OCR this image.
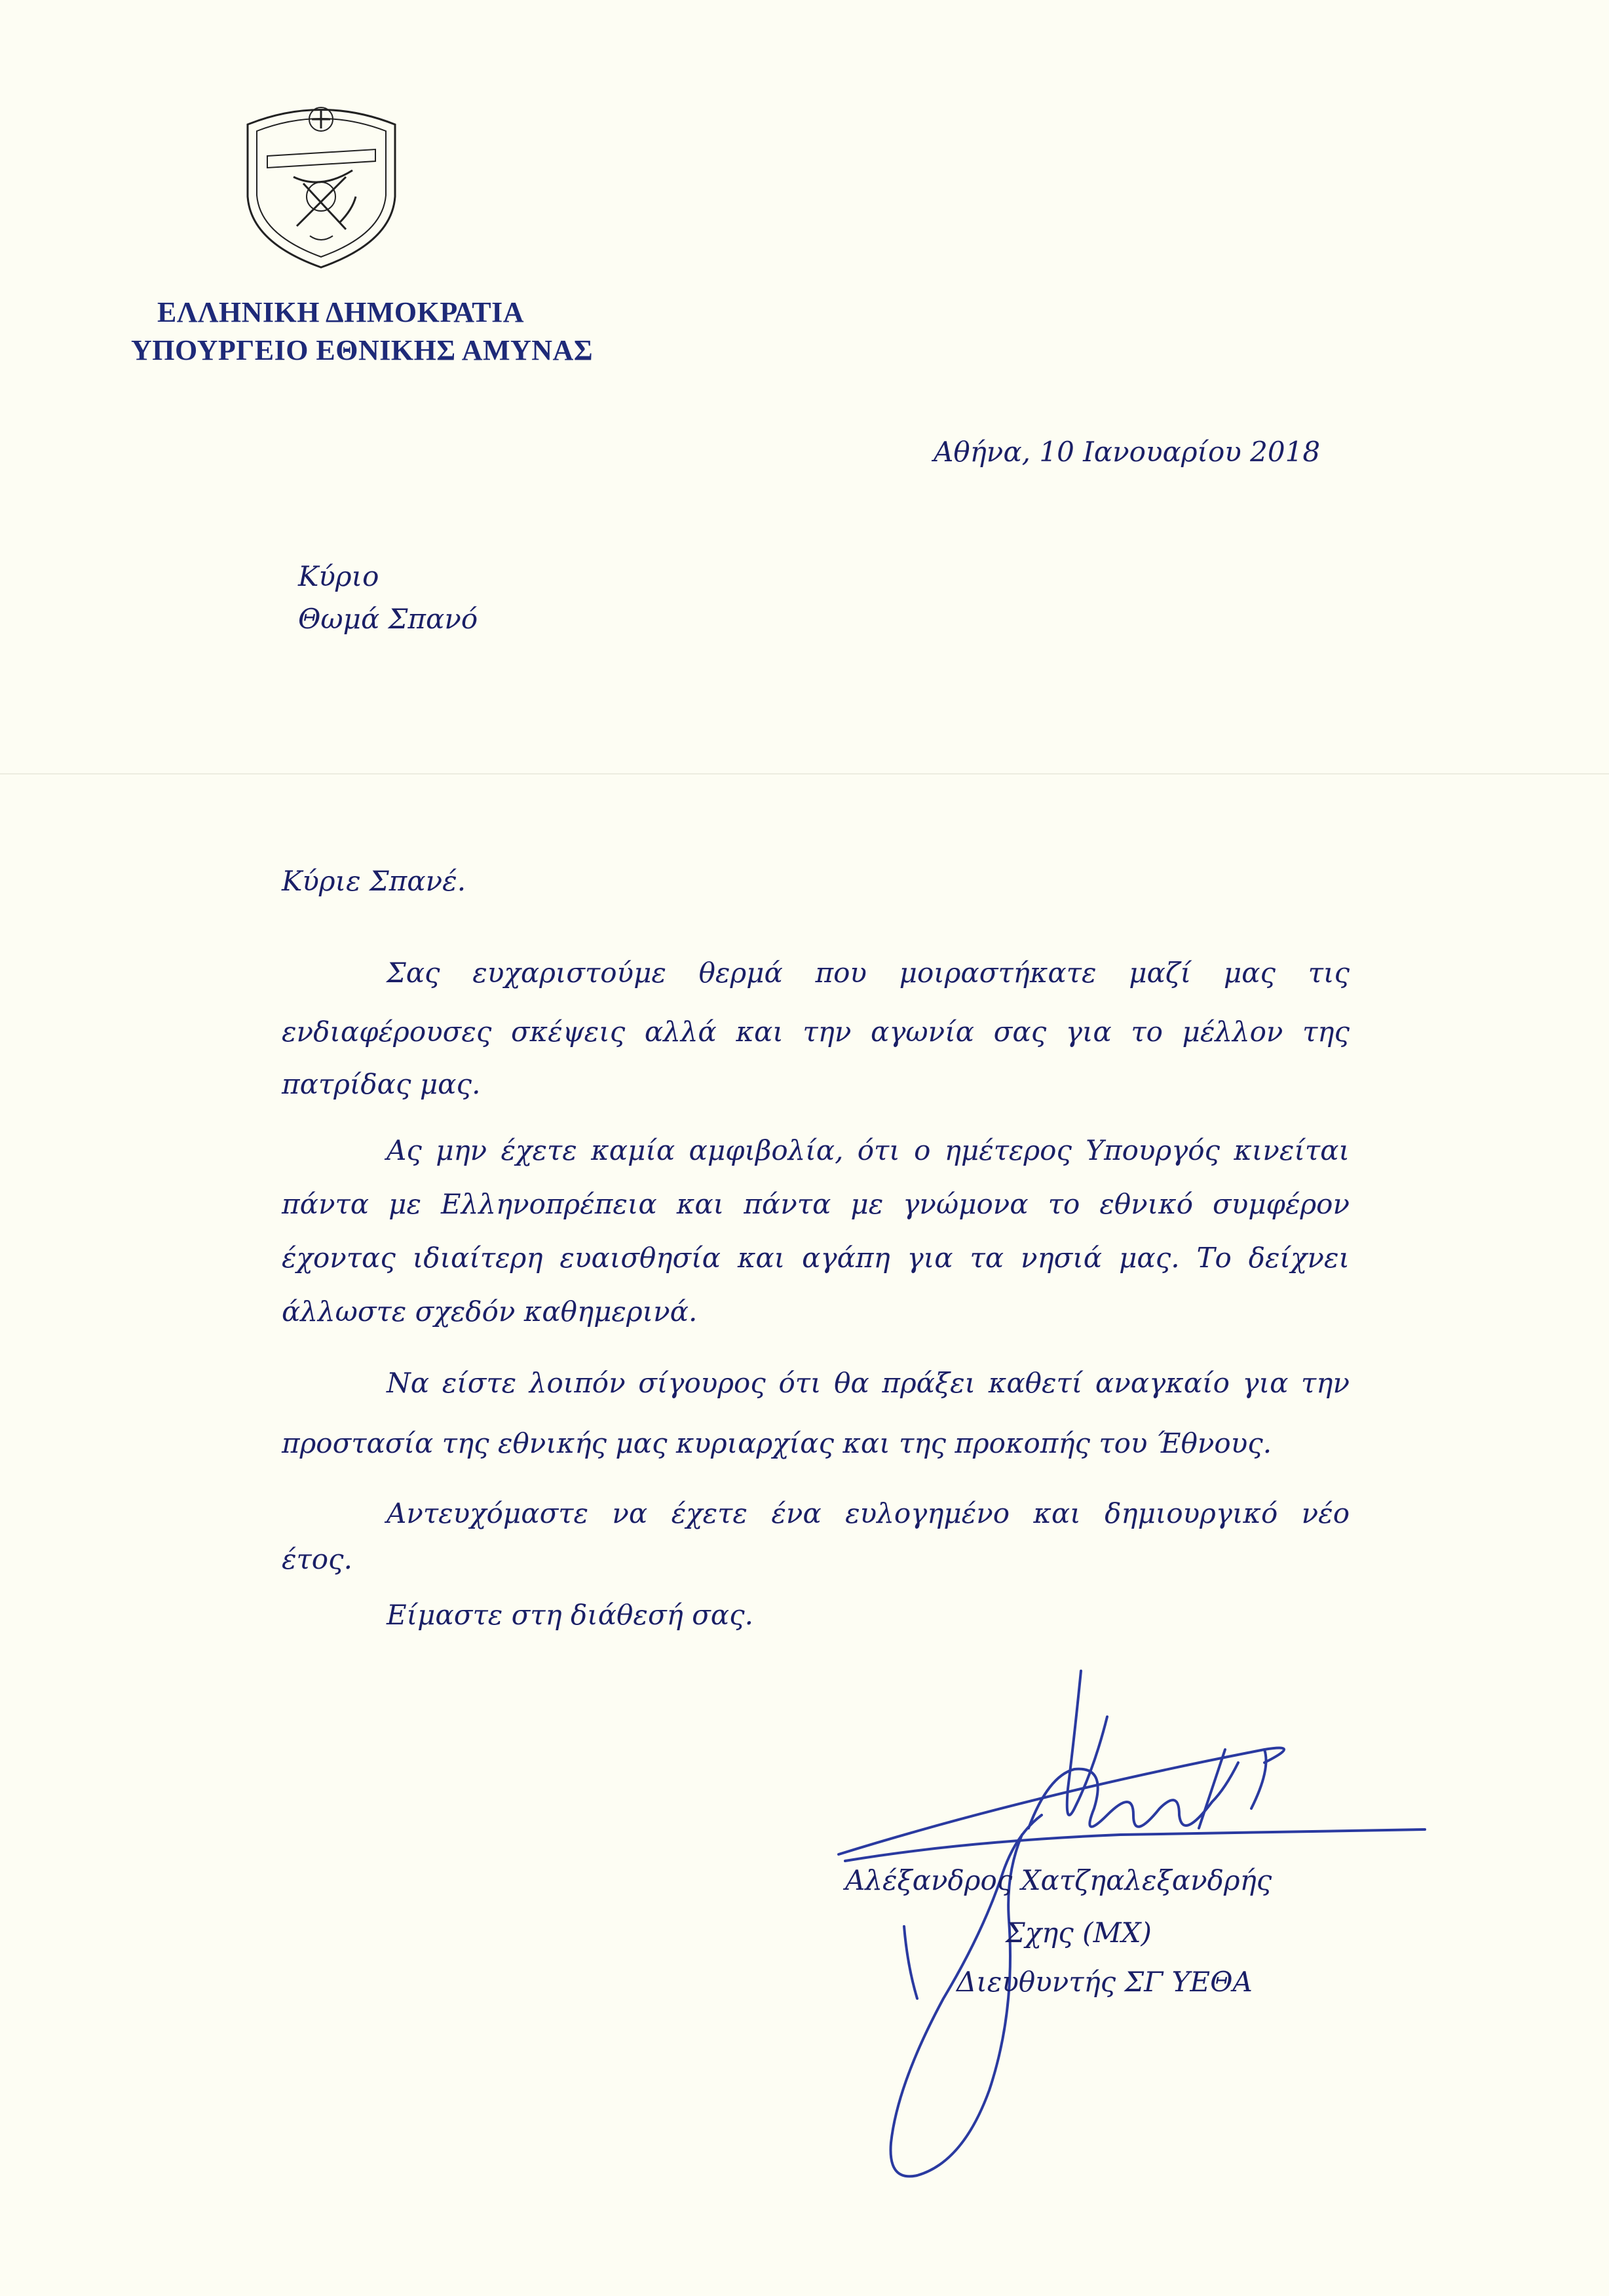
ΕΛΛΗΝΙΚΗ ΔΗΜΟΚΡΑΤΙΑ
ΥΠΟΥΡΓΕΙΟ ΕΘΝΙΚΗΣ ΑΜΥΝΑΣ
Αθήνα, 10 Ιανουαρίου 2018
Κύριο
Θωμά Σπανό
Κύριε Σπανέ.
Σας ευχαριστούμε θερμά που μοιραστήκατε μαζί μας τις
ενδιαφέρουσες σκέψεις αλλά και την αγωνία σας για το μέλλον της
πατρίδας μας.
Ας μην έχετε καμία αμφιβολία, ότι ο ημέτερος Υπουργός κινείται
πάντα με Ελληνοπρέπεια και πάντα με γνώμονα το εθνικό συμφέρον
έχοντας ιδιαίτερη ευαισθησία και αγάπη για τα νησιά μας. Το δείχνει
άλλωστε σχεδόν καθημερινά.
Να είστε λοιπόν σίγουρος ότι θα πράξει καθετί αναγκαίο για την
προστασία της εθνικής μας κυριαρχίας και της προκοπής του Έθνους.
Αντευχόμαστε να έχετε ένα ευλογημένο και δημιουργικό νέο
έτος.
Είμαστε στη διάθεσή σας.
Αλέξανδρος Χατζηαλεξανδρής
Σχης (ΜΧ)
Διευθυντής ΣΓ ΥΕΘΑ
